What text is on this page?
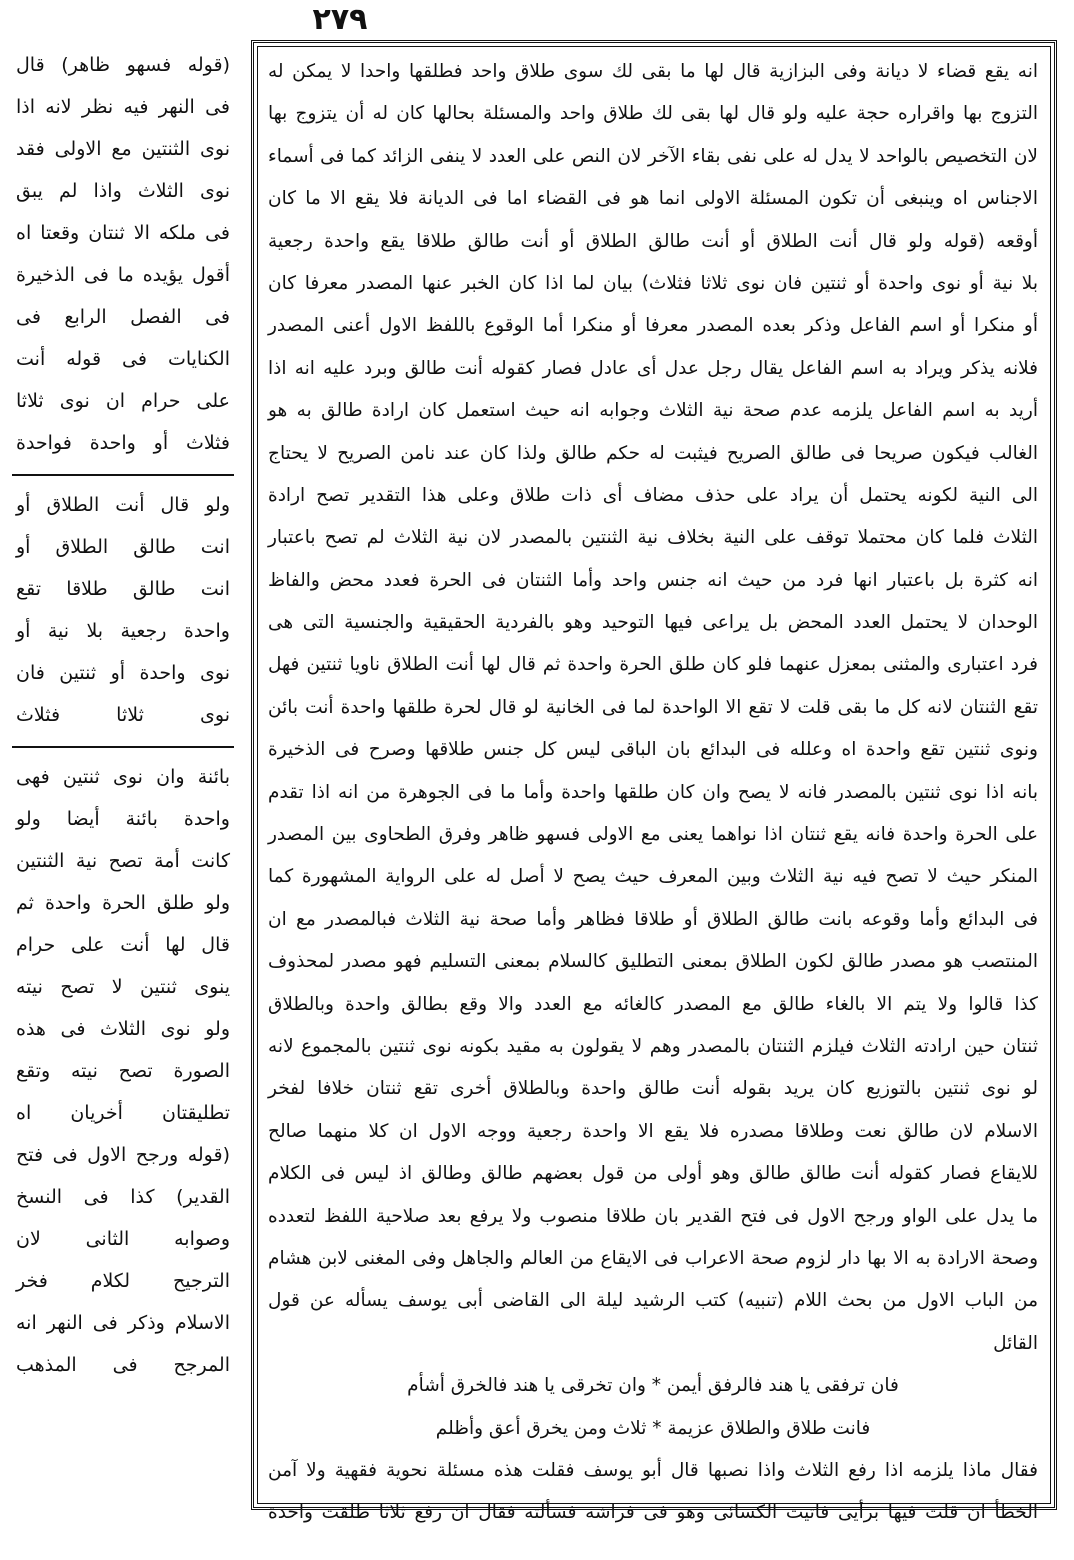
٢٧٩
(قوله فسهو ظاهر) قال
فى النهر فيه نظر لانه اذا
نوى الثنتين مع الاولى فقد
نوى الثلاث واذا لم يبق
فى ملكه الا ثنتان وقعتا اه
أقول يؤيده ما فى الذخيرة
فى الفصل الرابع فى
الكنايات فى قوله أنت
على حرام ان نوى ثلاثا
فثلاث أو واحدة فواحدة
ولو قال أنت الطلاق أو
انت طالق الطلاق أو
انت طالق طلاقا تقع
واحدة رجعية بلا نية أو
نوى واحدة أو ثنتين فان
نوى ثلاثا فثلاث
بائنة وان نوى ثنتين فهى
واحدة بائنة أيضا ولو
كانت أمة تصح نية الثنتين
ولو طلق الحرة واحدة ثم
قال لها أنت على حرام
ينوى ثنتين لا تصح نيته
ولو نوى الثلاث فى هذه
الصورة تصح نيته وتقع
تطليقتان أخريان اه
(قوله ورجح الاول فى فتح
القدير) كذا فى النسخ
وصوابه الثانى لان
الترجيح لكلام فخر
الاسلام وذكر فى النهر انه
المرجح فى المذهب
انه يقع قضاء لا ديانة وفى البزازية قال لها ما بقى لك سوى طلاق واحد فطلقها واحدا لا يمكن له
التزوج بها واقراره حجة عليه ولو قال لها بقى لك طلاق واحد والمسئلة بحالها كان له أن يتزوج بها
لان التخصيص بالواحد لا يدل له على نفى بقاء الآخر لان النص على العدد لا ينفى الزائد كما فى أسماء
الاجناس اه وينبغى أن تكون المسئلة الاولى انما هو فى القضاء اما فى الديانة فلا يقع الا ما كان
أوقعه (قوله ولو قال أنت الطلاق أو أنت طالق الطلاق أو أنت طالق طلاقا يقع واحدة رجعية
بلا نية أو نوى واحدة أو ثنتين فان نوى ثلاثا فثلاث) بيان لما اذا كان الخبر عنها المصدر معرفا كان
أو منكرا أو اسم الفاعل وذكر بعده المصدر معرفا أو منكرا أما الوقوع باللفظ الاول أعنى المصدر
فلانه يذكر ويراد به اسم الفاعل يقال رجل عدل أى عادل فصار كقوله أنت طالق وبرد عليه انه اذا
أريد به اسم الفاعل يلزمه عدم صحة نية الثلاث وجوابه انه حيث استعمل كان ارادة طالق به هو
الغالب فيكون صريحا فى طالق الصريح فيثبت له حكم طالق ولذا كان عند نامن الصريح لا يحتاج
الى النية لكونه يحتمل أن يراد على حذف مضاف أى ذات طلاق وعلى هذا التقدير تصح ارادة
الثلاث فلما كان محتملا توقف على النية بخلاف نية الثنتين بالمصدر لان نية الثلاث لم تصح باعتبار
انه كثرة بل باعتبار انها فرد من حيث انه جنس واحد وأما الثنتان فى الحرة فعدد محض والفاظ
الوحدان لا يحتمل العدد المحض بل يراعى فيها التوحيد وهو بالفردية الحقيقية والجنسية التى هى
فرد اعتبارى والمثنى بمعزل عنهما فلو كان طلق الحرة واحدة ثم قال لها أنت الطلاق ناويا ثنتين فهل
تقع الثنتان لانه كل ما بقى قلت لا تقع الا الواحدة لما فى الخانية لو قال لحرة طلقها واحدة أنت بائن
ونوى ثنتين تقع واحدة اه وعلله فى البدائع بان الباقى ليس كل جنس طلاقها وصرح فى الذخيرة
بانه اذا نوى ثنتين بالمصدر فانه لا يصح وان كان طلقها واحدة وأما ما فى الجوهرة من انه اذا تقدم
على الحرة واحدة فانه يقع ثنتان اذا نواهما يعنى مع الاولى فسهو ظاهر وفرق الطحاوى بين المصدر
المنكر حيث لا تصح فيه نية الثلاث وبين المعرف حيث يصح لا أصل له على الرواية المشهورة كما
فى البدائع وأما وقوعه بانت طالق الطلاق أو طلاقا فظاهر وأما صحة نية الثلاث فبالمصدر مع ان
المنتصب هو مصدر طالق لكون الطلاق بمعنى التطليق كالسلام بمعنى التسليم فهو مصدر لمحذوف
كذا قالوا ولا يتم الا بالغاء طالق مع المصدر كالغائه مع العدد والا وقع بطالق واحدة وبالطلاق
ثنتان حين ارادته الثلاث فيلزم الثنتان بالمصدر وهم لا يقولون به مقيد بكونه نوى ثنتين بالمجموع لانه
لو نوى ثنتين بالتوزيع كان يريد بقوله أنت طالق واحدة وبالطلاق أخرى تقع ثنتان خلافا لفخر
الاسلام لان طالق نعت وطلاقا مصدره فلا يقع الا واحدة رجعية ووجه الاول ان كلا منهما صالح
للايقاع فصار كقوله أنت طالق طالق وهو أولى من قول بعضهم طالق وطالق اذ ليس فى الكلام
ما يدل على الواو ورجح الاول فى فتح القدير بان طلاقا منصوب ولا يرفع بعد صلاحية اللفظ لتعدده
وصحة الارادة به الا بها دار لزوم صحة الاعراب فى الايقاع من العالم والجاهل وفى المغنى لابن هشام
من الباب الاول من بحث اللام (تنبيه) كتب الرشيد ليلة الى القاضى أبى يوسف يسأله عن قول
القائل
فان ترفقى يا هند فالرفق أيمن * وان تخرقى يا هند فالخرق أشأم
فانت طلاق والطلاق عزيمة * ثلاث ومن يخرق أعق وأظلم
فقال ماذا يلزمه اذا رفع الثلاث واذا نصبها قال أبو يوسف فقلت هذه مسئلة نحوية فقهية ولا آمن
الخطأ ان قلت فيها برأيى فاتيت الكسائى وهو فى فراشه فسألته فقال ان رفع ثلاثا طلقت واحدة
